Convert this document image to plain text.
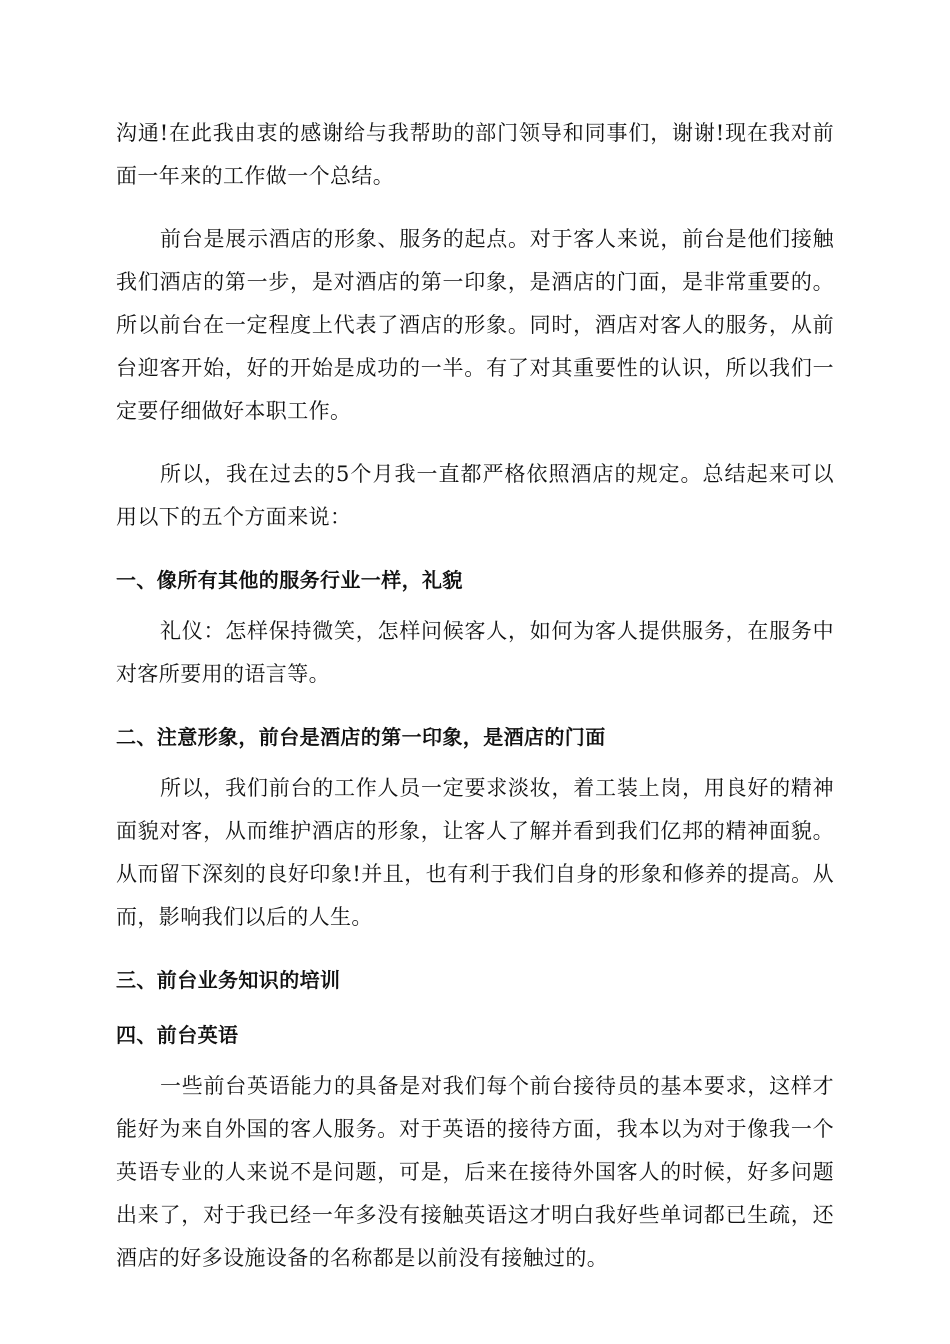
沟通!在此我由衷的感谢给与我帮助的部门领导和同事们，谢谢!现在我对前面一年来的工作做一个总结。

前台是展示酒店的形象、服务的起点。对于客人来说，前台是他们接触我们酒店的第一步，是对酒店的第一印象，是酒店的门面，是非常重要的。所以前台在一定程度上代表了酒店的形象。同时，酒店对客人的服务，从前台迎客开始，好的开始是成功的一半。有了对其重要性的认识，所以我们一定要仔细做好本职工作。

所以，我在过去的5个月我一直都严格依照酒店的规定。总结起来可以用以下的五个方面来说：

一、像所有其他的服务行业一样，礼貌

礼仪：怎样保持微笑，怎样问候客人，如何为客人提供服务，在服务中对客所要用的语言等。

二、注意形象，前台是酒店的第一印象，是酒店的门面

所以，我们前台的工作人员一定要求淡妆，着工装上岗，用良好的精神面貌对客，从而维护酒店的形象，让客人了解并看到我们亿邦的精神面貌。从而留下深刻的良好印象!并且，也有利于我们自身的形象和修养的提高。从而，影响我们以后的人生。

三、前台业务知识的培训
四、前台英语

一些前台英语能力的具备是对我们每个前台接待员的基本要求，这样才能好为来自外国的客人服务。对于英语的接待方面，我本以为对于像我一个英语专业的人来说不是问题，可是，后来在接待外国客人的时候，好多问题出来了，对于我已经一年多没有接触英语这才明白我好些单词都已生疏，还酒店的好多设施设备的名称都是以前没有接触过的。
